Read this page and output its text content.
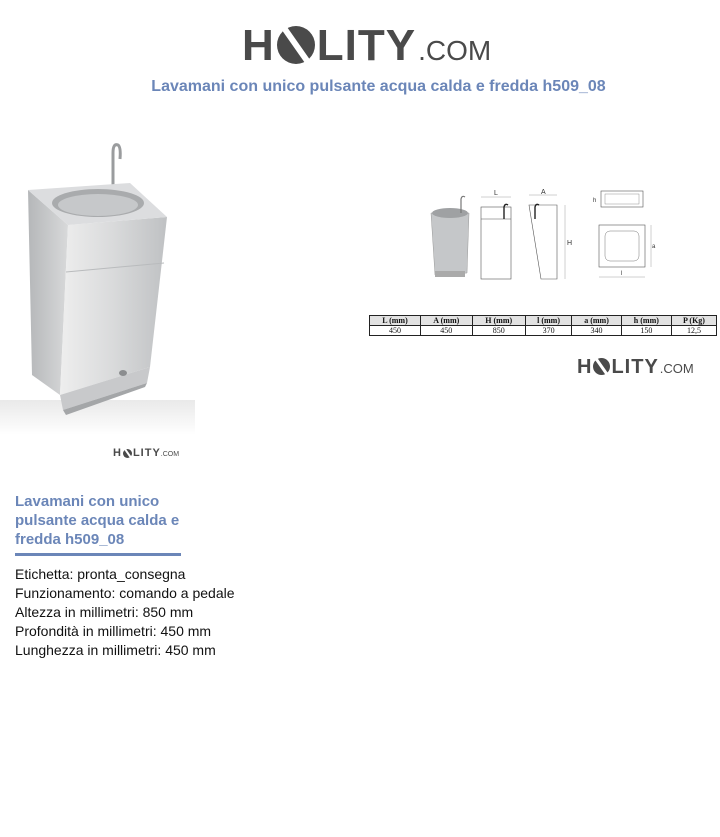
H LITY .COM
Lavamani con unico pulsante acqua calda e fredda h509_08
H LITY .COM
L	A
H
h
a
l
L (mm)	A (mm)	H (mm)	l (mm)	a (mm)	h (mm)	P (Kg)
450	450	850	370	340	150	12,5
H LITY .COM
Lavamani con unico pulsante acqua calda e fredda h509_08
Etichetta: pronta_consegna
Funzionamento: comando a pedale
Altezza in millimetri: 850 mm
Profondità in millimetri: 450 mm
Lunghezza in millimetri: 450 mm
